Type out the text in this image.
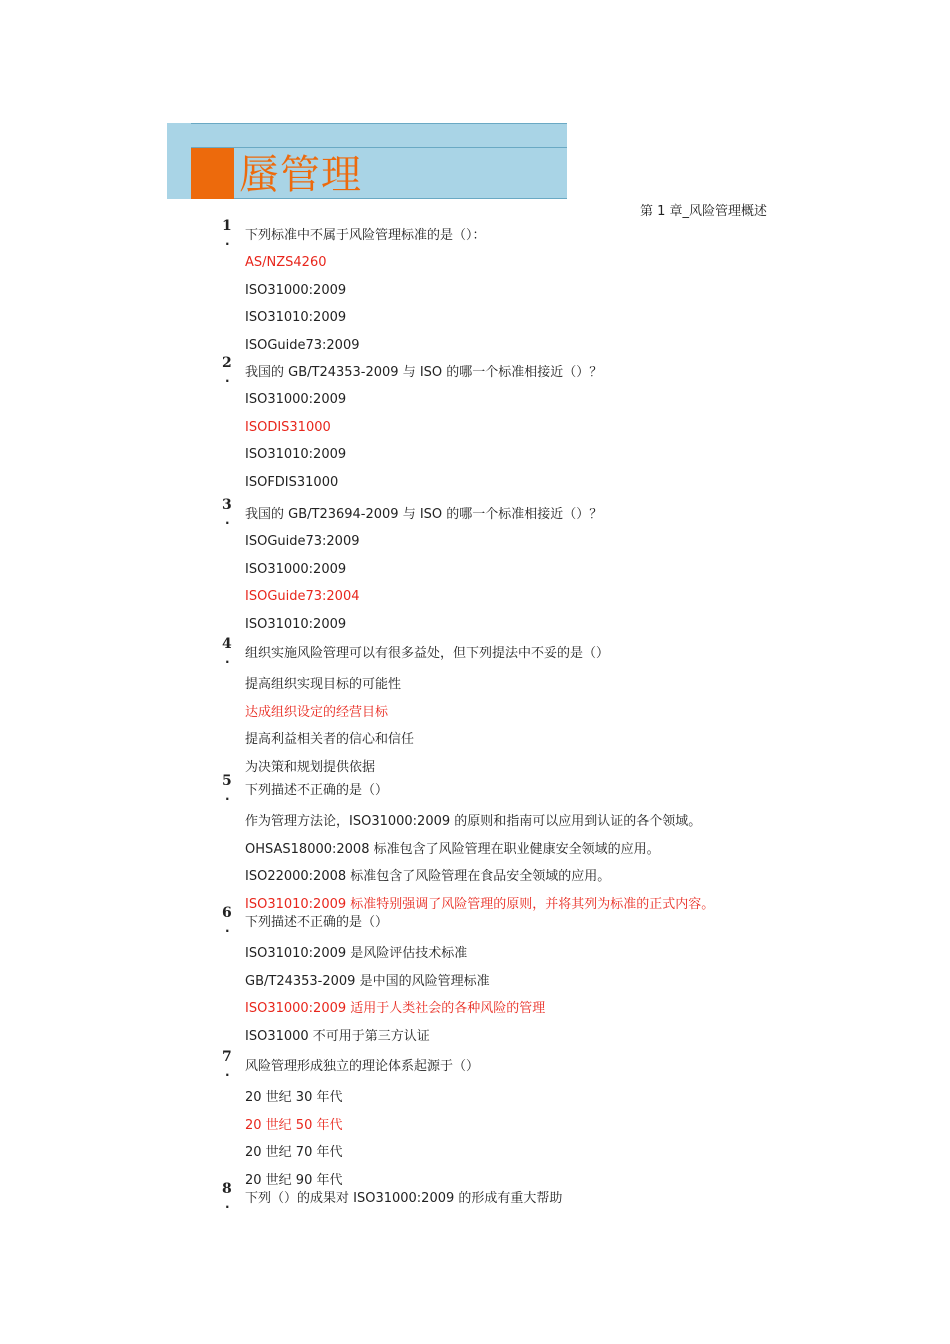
蜃管理
第 1 章_风险管理概述
1
. 下列标准中不属于风险管理标准的是（）：
AS/NZS4260
ISO31000:2009
ISO31010:2009
ISOGuide73:2009
2
. 我国的 GB/T24353-2009 与 ISO 的哪一个标准相接近（）？
ISO31000:2009
ISODIS31000
ISO31010:2009
ISOFDIS31000
3
. 我国的 GB/T23694-2009 与 ISO 的哪一个标准相接近（）？
ISOGuide73:2009
ISO31000:2009
ISOGuide73:2004
ISO31010:2009
4
. 组织实施风险管理可以有很多益处，但下列提法中不妥的是（）
提高组织实现目标的可能性
达成组织设定的经营目标
提高利益相关者的信心和信任
为决策和规划提供依据
5
. 下列描述不正确的是（）
作为管理方法论，ISO31000:2009 的原则和指南可以应用到认证的各个领域。
OHSAS18000:2008 标准包含了风险管理在职业健康安全领域的应用。
ISO22000:2008 标准包含了风险管理在食品安全领域的应用。
ISO31010:2009 标准特别强调了风险管理的原则，并将其列为标准的正式内容。
6
. 下列描述不正确的是（）
ISO31010:2009 是风险评估技术标准
GB/T24353-2009 是中国的风险管理标准
ISO31000:2009 适用于人类社会的各种风险的管理
ISO31000 不可用于第三方认证
7
. 风险管理形成独立的理论体系起源于（）
20 世纪 30 年代
20 世纪 50 年代
20 世纪 70 年代
20 世纪 90 年代
8
. 下列（）的成果对 ISO31000:2009 的形成有重大帮助
